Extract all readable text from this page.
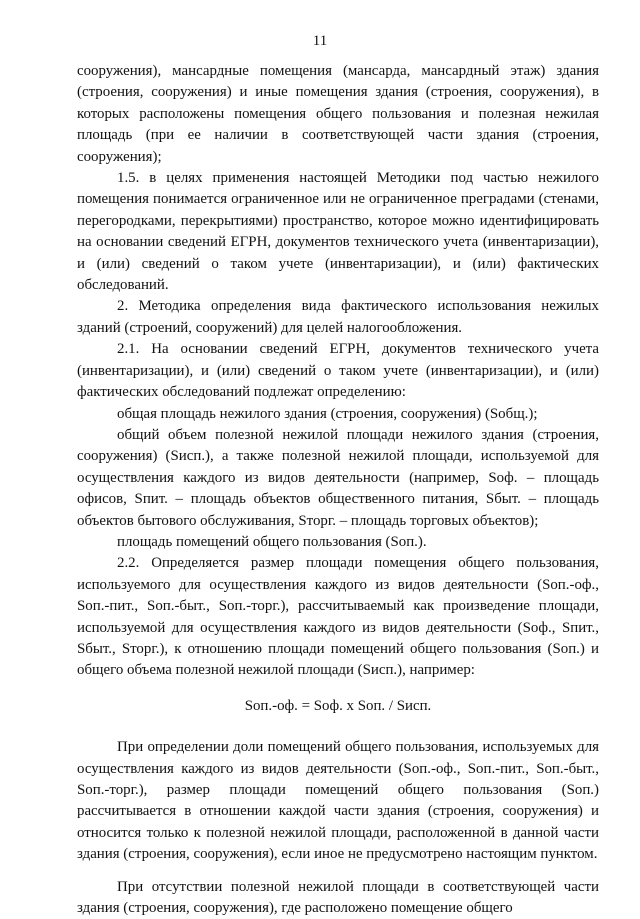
11

сооружения), мансардные помещения (мансарда, мансардный этаж) здания (строения, сооружения) и иные помещения здания (строения, сооружения), в которых расположены помещения общего пользования и полезная нежилая площадь (при ее наличии в соответствующей части здания (строения, сооружения);

1.5. в целях применения настоящей Методики под частью нежилого помещения понимается ограниченное или не ограниченное преградами (стенами, перегородками, перекрытиями) пространство, которое можно идентифицировать на основании сведений ЕГРН, документов технического учета (инвентаризации), и (или) сведений о таком учете (инвентаризации), и (или) фактических обследований.

2. Методика определения вида фактического использования нежилых зданий (строений, сооружений) для целей налогообложения.

2.1. На основании сведений ЕГРН, документов технического учета (инвентаризации), и (или) сведений о таком учете (инвентаризации), и (или) фактических обследований подлежат определению:

общая площадь нежилого здания (строения, сооружения) (Sобщ.);

общий объем полезной нежилой площади нежилого здания (строения, сооружения) (Sисп.), а также полезной нежилой площади, используемой для осуществления каждого из видов деятельности (например, Sоф. – площадь офисов, Sпит. – площадь объектов общественного питания, Sбыт. – площадь объектов бытового обслуживания, Sторг. – площадь торговых объектов);

площадь помещений общего пользования (Sоп.).

2.2. Определяется размер площади помещения общего пользования, используемого для осуществления каждого из видов деятельности (Sоп.-оф., Sоп.-пит., Sоп.-быт., Sоп.-торг.), рассчитываемый как произведение площади, используемой для осуществления каждого из видов деятельности (Sоф., Sпит., Sбыт., Sторг.), к отношению площади помещений общего пользования (Sоп.) и общего объема полезной нежилой площади (Sисп.), например:

Sоп.-оф. = Sоф. х Sоп. / Sисп.

При определении доли помещений общего пользования, используемых для осуществления каждого из видов деятельности (Sоп.-оф., Sоп.-пит., Sоп.-быт., Sоп.-торг.), размер площади помещений общего пользования (Sоп.) рассчитывается в отношении каждой части здания (строения, сооружения) и относится только к полезной нежилой площади, расположенной в данной части здания (строения, сооружения), если иное не предусмотрено настоящим пунктом.

При отсутствии полезной нежилой площади в соответствующей части здания (строения, сооружения), где расположено помещение общего
